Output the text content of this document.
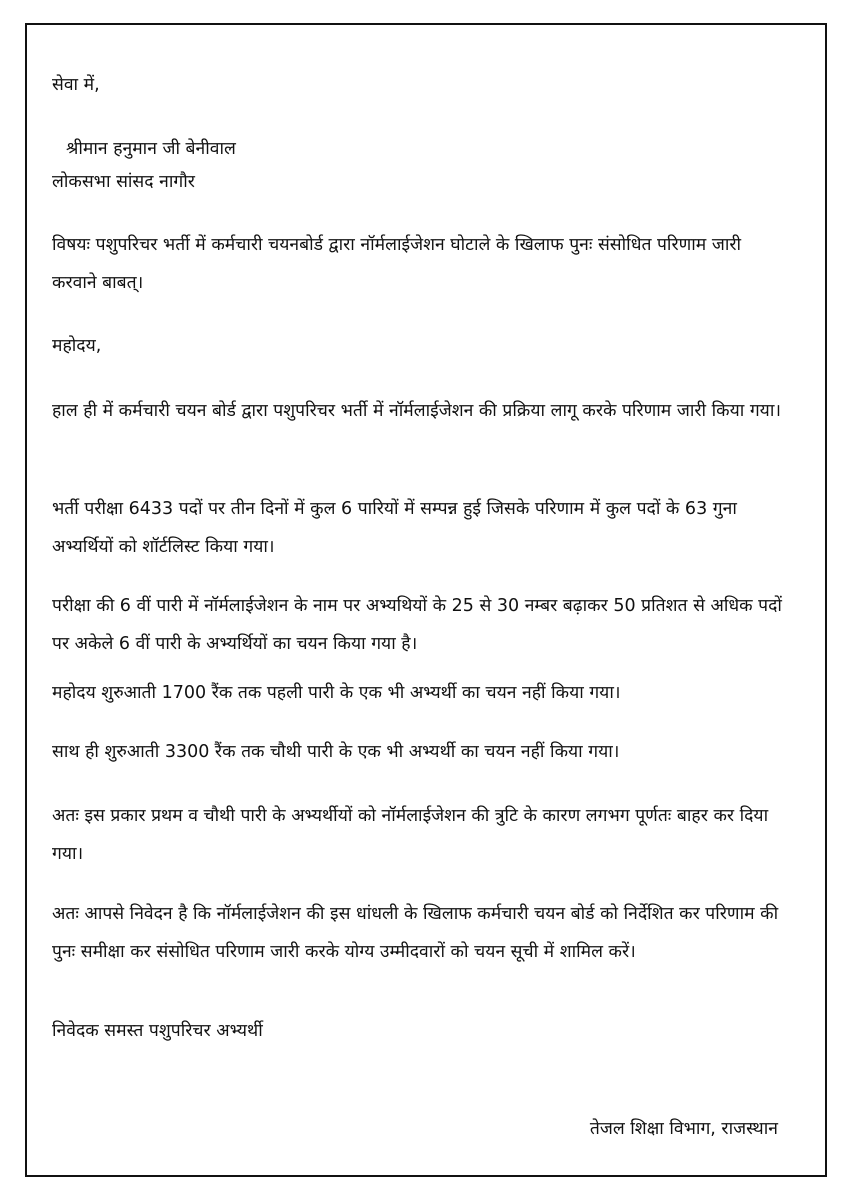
सेवा में,
श्रीमान हनुमान जी बेनीवाल
लोकसभा सांसद नागौर
विषयः पशुपरिचर भर्ती में कर्मचारी चयनबोर्ड द्वारा नॉर्मलाईजेशन घोटाले के खिलाफ पुनः संसोधित परिणाम जारी करवाने बाबत्।
महोदय,
हाल ही में कर्मचारी चयन बोर्ड द्वारा पशुपरिचर भर्ती में नॉर्मलाईजेशन की प्रक्रिया लागू करके परिणाम जारी किया गया।
भर्ती परीक्षा 6433 पदों पर तीन दिनों में कुल 6 पारियों में सम्पन्न हुई जिसके परिणाम में कुल पदों के 63 गुना अभ्यर्थियों को शॉर्टलिस्ट किया गया।
परीक्षा की 6 वीं पारी में नॉर्मलाईजेशन के नाम पर अभ्यथियों के 25 से 30 नम्बर बढ़ाकर 50 प्रतिशत से अधिक पदों पर अकेले 6 वीं पारी के अभ्यर्थियों का चयन किया गया है।
महोदय शुरुआती 1700 रैंक तक पहली पारी के एक भी अभ्यर्थी का चयन नहीं किया गया।
साथ ही शुरुआती 3300 रैंक तक चौथी पारी के एक भी अभ्यर्थी का चयन नहीं किया गया।
अतः इस प्रकार प्रथम व चौथी पारी के अभ्यर्थीयों को नॉर्मलाईजेशन की त्रुटि के कारण लगभग पूर्णतः बाहर कर दिया गया।
अतः आपसे निवेदन है कि नॉर्मलाईजेशन की इस धांधली के खिलाफ कर्मचारी चयन बोर्ड को निर्देशित कर परिणाम की पुनः समीक्षा कर संसोधित परिणाम जारी करके योग्य उम्मीदवारों को चयन सूची में शामिल करें।
निवेदक समस्त पशुपरिचर अभ्यर्थी
तेजल शिक्षा विभाग, राजस्थान
